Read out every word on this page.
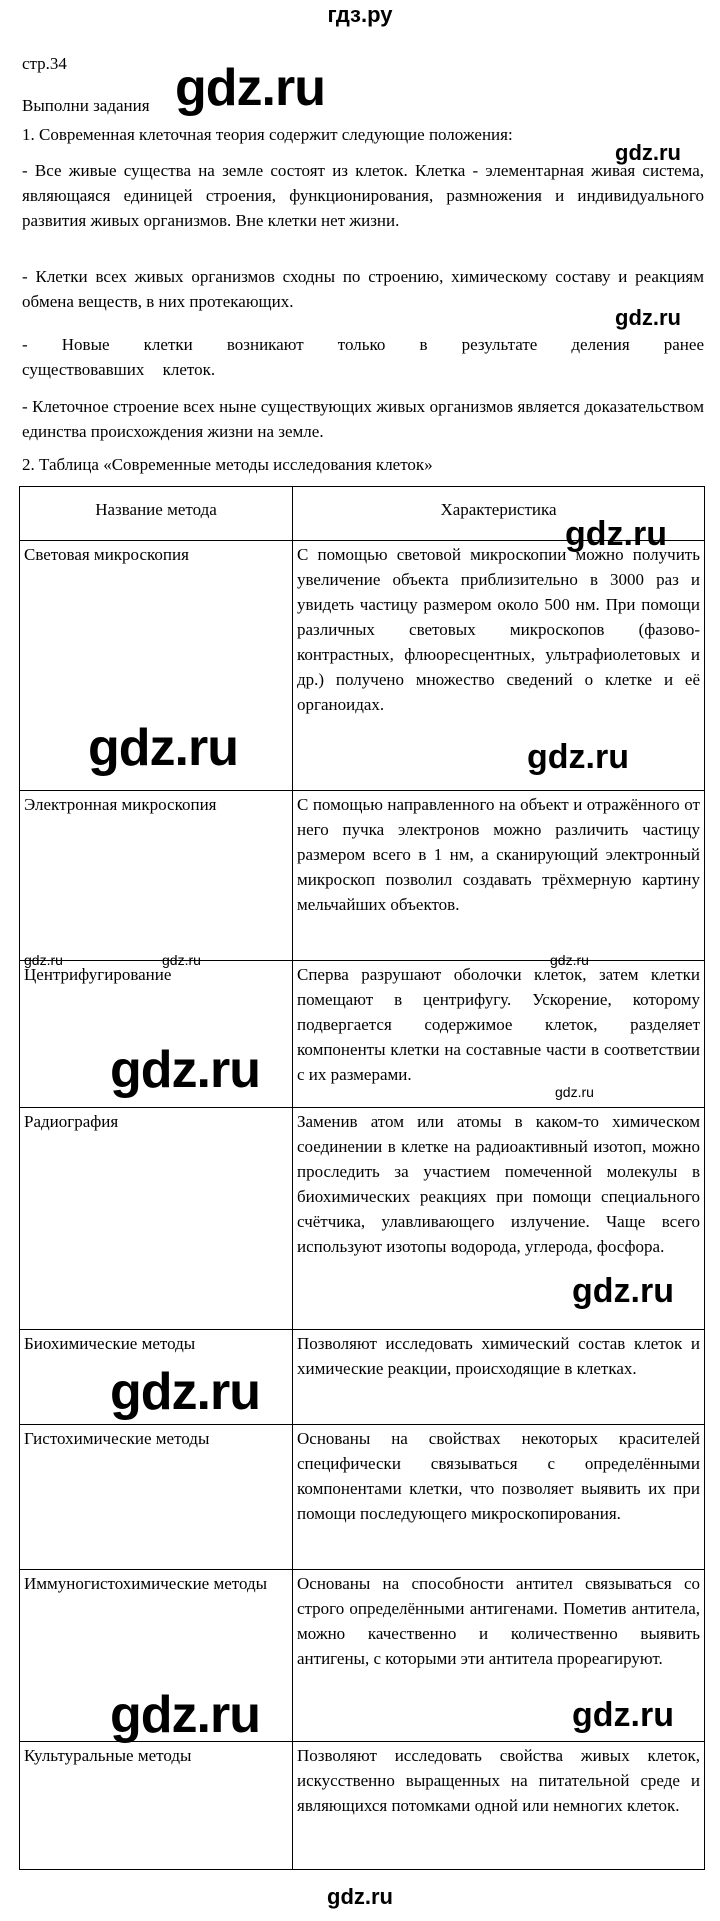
гдз.ру
стр.34
Выполни задания
1. Современная клеточная теория содержит следующие положения:
- Все живые существа на земле состоят из клеток. Клетка - элементарная живая система, являющаяся единицей строения, функционирования, размножения и индивидуального развития живых организмов. Вне клетки нет жизни.
- Клетки всех живых организмов сходны по строению, химическому составу и реакциям обмена веществ, в них протекающих.
- Новые клетки возникают только в результате деления ранее существовавших клеток.
- Клеточное строение всех ныне существующих живых организмов является доказательством единства происхождения жизни на земле.
2. Таблица «Современные методы исследования клеток»
Название метода	Характеристика
Световая микроскопия	С помощью световой микроскопии можно получить увеличение объекта приблизительно в 3000 раз и увидеть частицу размером около 500 нм. При помощи различных световых микроскопов (фазово-контрастных, флюоресцентных, ультрафиолетовых и др.) получено множество сведений о клетке и её органоидах.
Электронная микроскопия	С помощью направленного на объект и отражённого от него пучка электронов можно различить частицу размером всего в 1 нм, а сканирующий электронный микроскоп позволил создавать трёхмерную картину мельчайших объектов.
Центрифугирование	Сперва разрушают оболочки клеток, затем клетки помещают в центрифугу. Ускорение, которому подвергается содержимое клеток, разделяет компоненты клетки на составные части в соответствии с их размерами.
Радиография	Заменив атом или атомы в каком-то химическом соединении в клетке на радиоактивный изотоп, можно проследить за участием помеченной молекулы в биохимических реакциях при помощи специального счётчика, улавливающего излучение. Чаще всего используют изотопы водорода, углерода, фосфора.
Биохимические методы	Позволяют исследовать химический состав клеток и химические реакции, происходящие в клетках.
Гистохимические методы	Основаны на свойствах некоторых красителей специфически связываться с определёнными компонентами клетки, что позволяет выявить их при помощи последующего микроскопирования.
Иммуногистохимические методы	Основаны на способности антител связываться со строго определёнными антигенами. Пометив антитела, можно качественно и количественно выявить антигены, с которыми эти антитела прореагируют.
Культуральные методы	Позволяют исследовать свойства живых клеток, искусственно выращенных на питательной среде и являющихся потомками одной или немногих клеток.
gdz.ru
gdz.ru
gdz.ru
gdz.ru
gdz.ru	gdz.ru
gdz.ru	gdz.ru	gdz.ru
gdz.ru	gdz.ru
gdz.ru
gdz.ru
gdz.ru	gdz.ru
gdz.ru
